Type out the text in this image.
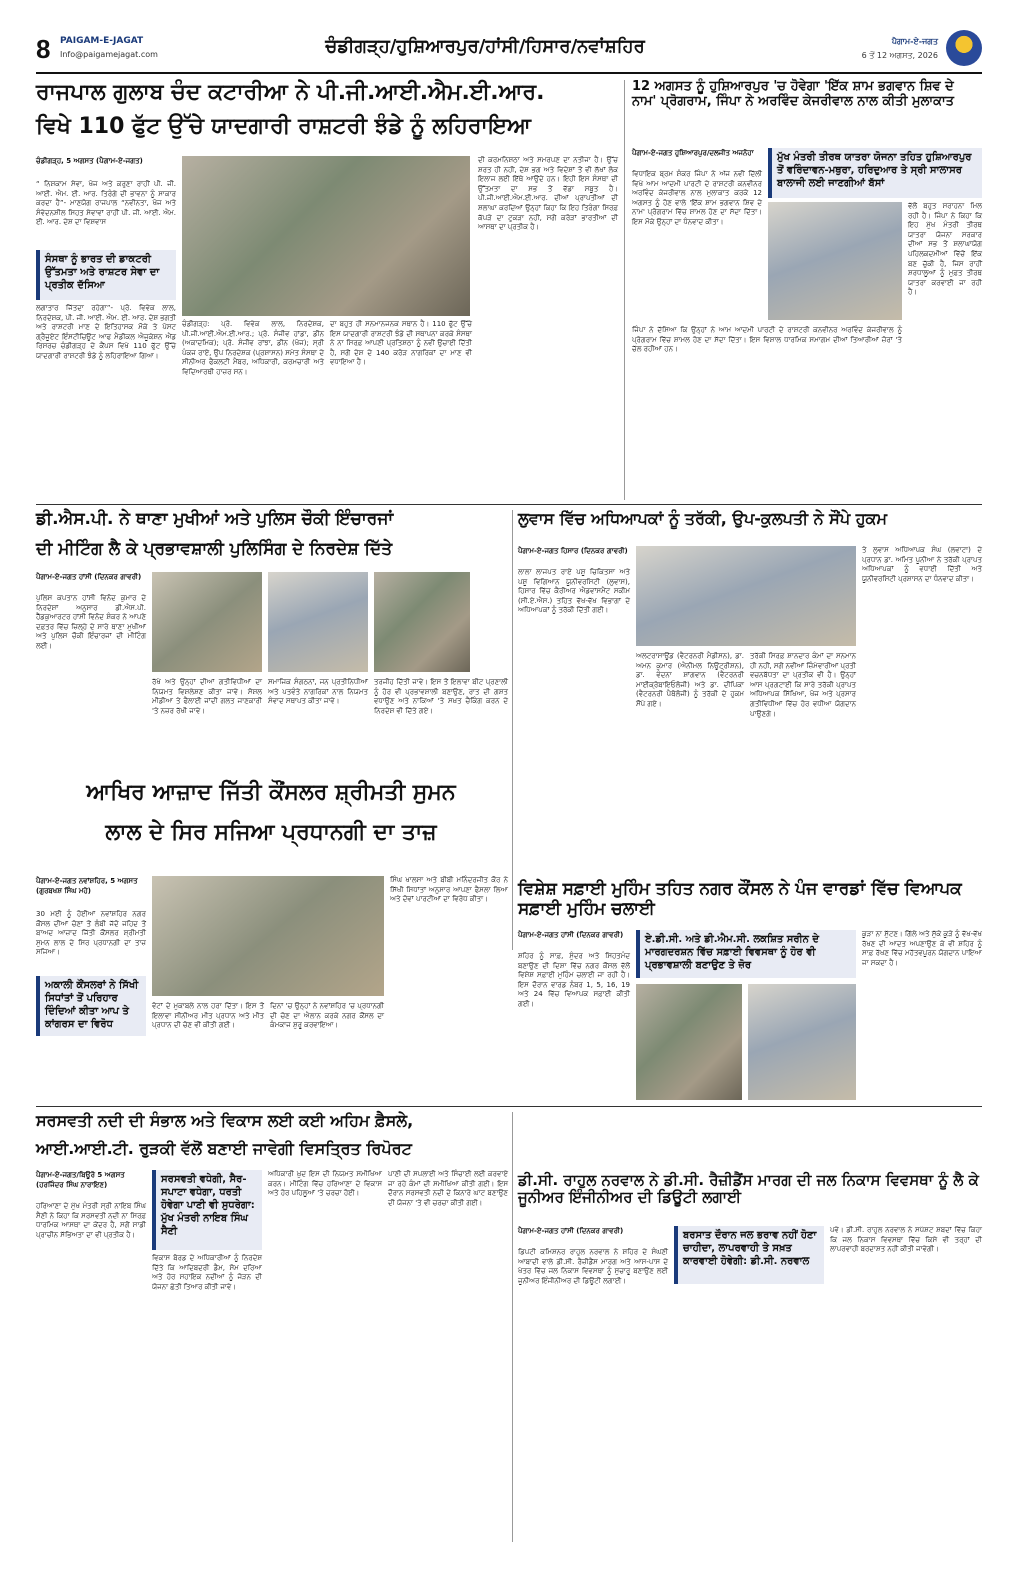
8	PAIGAM-E-JAGAT
Info@paigamejagat.com	ਚੰਡੀਗੜ੍ਹ/ਹੁਸ਼ਿਆਰਪੁਰ/ਹਾਂਸੀ/ਹਿਸਾਰ/ਨਵਾਂਸ਼ਹਿਰ	ਪੈਗਾਮ-ਏ-ਜਗਤ
6 ਤੋਂ 12 ਅਗਸਤ, 2026
ਰਾਜਪਾਲ ਗੁਲਾਬ ਚੰਦ ਕਟਾਰੀਆ ਨੇ ਪੀ.ਜੀ.ਆਈ.ਐਮ.ਈ.ਆਰ.
ਵਿਖੇ 110 ਫੁੱਟ ਉੱਚੇ ਯਾਦਗਾਰੀ ਰਾਸ਼ਟਰੀ ਝੰਡੇ ਨੂੰ ਲਹਿਰਾਇਆ
ਚੰਡੀਗੜ੍ਹ, 5 ਅਗਸਤ (ਪੈਗਾਮ-ਏ-ਜਗਤ)
“ ਨਿਸ਼ਕਾਮ ਸੇਵਾ, ਖੋਜ ਅਤੇ ਕਰੁਣਾ ਰਾਹੀਂ ਪੀ. ਜੀ. ਆਈ. ਐਮ. ਈ. ਆਰ. ਤਿਰੰਗੇ ਦੀ ਭਾਵਨਾ ਨੂੰ ਸਾਕਾਰ ਕਰਦਾ ਹੈ”- ਮਾਣਯੋਗ ਰਾਜਪਾਲ “ਨਵੀਨਤਾ, ਖੋਜ ਅਤੇ ਸੰਵੇਦਨਸ਼ੀਲ ਸਿਹਤ ਸੇਵਾਵਾਂ ਰਾਹੀਂ ਪੀ. ਜੀ. ਆਈ. ਐਮ. ਈ. ਆਰ. ਦੇਸ਼ ਦਾ ਵਿਸ਼ਵਾਸ
ਸੰਸਥਾ ਨੂੰ ਭਾਰਤ ਦੀ ਡਾਕਟਰੀ ਉੱਤਮਤਾ ਅਤੇ ਰਾਸ਼ਟਰ ਸੇਵਾ ਦਾ ਪ੍ਰਤੀਕ ਦੱਸਿਆ
ਲਗਾਤਾਰ ਜਿੱਤਦਾ ਰਹੇਗਾ”- ਪ੍ਰੋ. ਵਿਵੇਕ ਲਾਲ, ਨਿਰਦੇਸ਼ਕ, ਪੀ. ਜੀ. ਆਈ. ਐਮ. ਈ. ਆਰ. ਦੇਸ਼ ਭਗਤੀ ਅਤੇ ਰਾਸ਼ਟਰੀ ਮਾਣ ਦੇ ਇਤਿਹਾਸਕ ਮੌਕੇ ਤੇ ਪੋਸਟ ਗ੍ਰੈਜੂਏਟ ਇੰਸਟੀਚਿਊਟ ਆਫ ਮੈਡੀਕਲ ਐਜੂਕੇਸ਼ਨ ਐਂਡ ਰਿਸਰਚ ਚੰਡੀਗੜ੍ਹ ਦੇ ਕੈਂਪਸ ਵਿਖੇ 110 ਫੁੱਟ ਉੱਚੇ ਯਾਦਗਾਰੀ ਰਾਸ਼ਟਰੀ ਝੰਡੇ ਨੂੰ ਲਹਿਰਾਇਆ ਗਿਆ।
ਚੰਡੀਗੜ੍ਹ: ਪ੍ਰੋ. ਵਿਵੇਕ ਲਾਲ, ਨਿਰਦੇਸ਼ਕ, ਪੀ.ਜੀ.ਆਈ.ਐਮ.ਈ.ਆਰ.; ਪ੍ਰੋ. ਸੰਜੀਵ ਹਾਂਡਾ, ਡੀਨ (ਅਕਾਦਮਿਕ); ਪ੍ਰੋ. ਸੰਜੀਵ ਰਾਂਝਾ, ਡੀਨ (ਖੋਜ); ਸ੍ਰੀ ਪੰਕਜ ਰਾਏ, ਉਪ ਨਿਰਦੇਸ਼ਕ (ਪ੍ਰਸ਼ਾਸਨ) ਸਮੇਤ ਸੰਸਥਾ ਦੇ ਸੀਨੀਅਰ ਫੈਕਲਟੀ ਮੈਂਬਰ, ਅਧਿਕਾਰੀ, ਕਰਮਚਾਰੀ ਅਤੇ ਵਿਦਿਆਰਥੀ ਹਾਜ਼ਰ ਸਨ।
ਦਾ ਬਹੁਤ ਹੀ ਸਨਮਾਨਜਨਕ ਸਥਾਨ ਹੈ। 110 ਫੁੱਟ ਉੱਚੇ ਇਸ ਯਾਦਗਾਰੀ ਰਾਸ਼ਟਰੀ ਝੰਡੇ ਦੀ ਸਥਾਪਨਾ ਕਰਕੇ ਸੰਸਥਾ ਨੇ ਨਾ ਸਿਰਫ਼ ਆਪਣੀ ਪ੍ਰਤਿਸ਼ਠਾ ਨੂੰ ਨਵੀਂ ਉਚਾਈ ਦਿੱਤੀ ਹੈ, ਸਗੋਂ ਦੇਸ਼ ਦੇ 140 ਕਰੋੜ ਨਾਗਰਿਕਾਂ ਦਾ ਮਾਣ ਵੀ ਵਧਾਇਆ ਹੈ।
ਦੀ ਕਰਮਨਿਸ਼ਠਾ ਅਤੇ ਸਮਰਪਣ ਦਾ ਨਤੀਜਾ ਹੈ। ਉੱਚ ਸ਼ਰਤ ਹੀ ਨਹੀਂ, ਦੇਸ਼ ਭਗ ਅਤੇ ਵਿਦੇਸ਼ਾਂ ਤੋਂ ਵੀ ਲੱਖਾਂ ਲੋਕ ਇਲਾਜ ਲਈ ਇੱਥੇ ਆਉਂਦੇ ਹਨ। ਇਹੀ ਇਸ ਸੰਸਥਾ ਦੀ ਉੱਤਮਤਾ ਦਾ ਸਭ ਤੋਂ ਵੱਡਾ ਸਬੂਤ ਹੈ। ਪੀ.ਜੀ.ਆਈ.ਐਮ.ਈ.ਆਰ. ਦੀਆਂ ਪ੍ਰਾਪਤੀਆਂ ਦੀ ਸ਼ਲਾਘਾ ਕਰਦਿਆਂ ਉਨ੍ਹਾਂ ਕਿਹਾ ਕਿ ਇਹ ਤਿਰੰਗਾ ਸਿਰਫ਼ ਕੱਪੜੇ ਦਾ ਟੁਕੜਾ ਨਹੀਂ, ਸਗੋਂ ਕਰੋੜਾਂ ਭਾਰਤੀਆਂ ਦੀ ਆਸਥਾ ਦਾ ਪ੍ਰਤੀਕ ਹੈ।
12 ਅਗਸਤ ਨੂੰ ਹੁਸ਼ਿਆਰਪੁਰ 'ਚ ਹੋਵੇਗਾ 'ਇੱਕ ਸ਼ਾਮ ਭਗਵਾਨ ਸ਼ਿਵ ਦੇ ਨਾਮ' ਪ੍ਰੋਗਰਾਮ, ਜਿੰਪਾ ਨੇ ਅਰਵਿੰਦ ਕੇਜਰੀਵਾਲ ਨਾਲ ਕੀਤੀ ਮੁਲਾਕਾਤ
ਪੈਗਾਮ-ਏ-ਜਗਤ ਹੁਸ਼ਿਆਰਪੁਰ/ਦਲਜੀਤ ਅਜਨੋਹਾ
ਵਿਧਾਇਕ ਬ੍ਰਮ ਸ਼ੰਕਰ ਜਿੰਪਾ ਨੇ ਅੱਜ ਨਵੀਂ ਦਿੱਲੀ ਵਿਖੇ ਆਮ ਆਦਮੀ ਪਾਰਟੀ ਦੇ ਰਾਸ਼ਟਰੀ ਕਨਵੀਨਰ ਅਰਵਿੰਦ ਕੇਜਰੀਵਾਲ ਨਾਲ ਮੁਲਾਕਾਤ ਕਰਕੇ 12 ਅਗਸਤ ਨੂੰ ਹੋਣ ਵਾਲੇ 'ਇੱਕ ਸ਼ਾਮ ਭਗਵਾਨ ਸ਼ਿਵ ਦੇ ਨਾਮ' ਪ੍ਰੋਗਰਾਮ ਵਿੱਚ ਸ਼ਾਮਲ ਹੋਣ ਦਾ ਸੱਦਾ ਦਿੱਤਾ। ਇਸ ਮੌਕੇ ਉਨ੍ਹਾਂ ਦਾ ਧੰਨਵਾਦ ਕੀਤਾ।
ਮੁੱਖ ਮੰਤਰੀ ਤੀਰਥ ਯਾਤਰਾ ਯੋਜਨਾ ਤਹਿਤ ਹੁਸ਼ਿਆਰਪੁਰ ਤੋਂ ਵਰਿੰਦਾਵਨ-ਮਥੁਰਾ, ਹਰਿਦੁਆਰ ਤੇ ਸ੍ਰੀ ਸਾਲਾਸਰ ਬਾਲਾਜੀ ਲਈ ਜਾਣਗੀਆਂ ਬੱਸਾਂ
ਵੱਲੋਂ ਬਹੁਤ ਸਰਾਹਨਾ ਮਿਲ ਰਹੀ ਹੈ। ਜਿੰਪਾ ਨੇ ਕਿਹਾ ਕਿ ਇਹ ਮੁੱਖ ਮੰਤਰੀ ਤੀਰਥ ਯਾਤਰਾ ਯੋਜਨਾ ਸਰਕਾਰ ਦੀਆਂ ਸਭ ਤੋਂ ਸ਼ਲਾਘਾਯੋਗ ਪਹਿਲਕਦਮੀਆਂ ਵਿੱਚੋਂ ਇੱਕ ਬਣ ਚੁੱਕੀ ਹੈ, ਜਿਸ ਰਾਹੀਂ ਸ਼ਰਧਾਲੂਆਂ ਨੂੰ ਮੁਫ਼ਤ ਤੀਰਥ ਯਾਤਰਾ ਕਰਵਾਈ ਜਾ ਰਹੀ ਹੈ।
ਜਿੰਪਾ ਨੇ ਦੱਸਿਆ ਕਿ ਉਨ੍ਹਾਂ ਨੇ ਆਮ ਆਦਮੀ ਪਾਰਟੀ ਦੇ ਰਾਸ਼ਟਰੀ ਕਨਵੀਨਰ ਅਰਵਿੰਦ ਕੇਜਰੀਵਾਲ ਨੂੰ ਪ੍ਰੋਗਰਾਮ ਵਿੱਚ ਸ਼ਾਮਲ ਹੋਣ ਦਾ ਸੱਦਾ ਦਿੱਤਾ। ਇਸ ਵਿਸ਼ਾਲ ਧਾਰਮਿਕ ਸਮਾਗਮ ਦੀਆਂ ਤਿਆਰੀਆਂ ਜ਼ੋਰਾਂ 'ਤੇ ਚੱਲ ਰਹੀਆਂ ਹਨ।
ਡੀ.ਐਸ.ਪੀ. ਨੇ ਥਾਣਾ ਮੁਖੀਆਂ ਅਤੇ ਪੁਲਿਸ ਚੌਕੀ ਇੰਚਾਰਜਾਂ
ਦੀ ਮੀਟਿੰਗ ਲੈ ਕੇ ਪ੍ਰਭਾਵਸ਼ਾਲੀ ਪੁਲਿਸਿੰਗ ਦੇ ਨਿਰਦੇਸ਼ ਦਿੱਤੇ
ਪੈਗਾਮ-ਏ-ਜਗਤ ਹਾਂਸੀ (ਦਿਨਕਰ ਗਾਵਰੀ)
ਪੁਲਿਸ ਕਪਤਾਨ ਹਾਂਸੀ ਵਿਨੋਦ ਕੁਮਾਰ ਦੇ ਨਿਰਦੇਸ਼ਾਂ ਅਨੁਸਾਰ ਡੀ.ਐਸ.ਪੀ. ਹੈੱਡਕੁਆਰਟਰ ਹਾਂਸੀ ਵਿਨੋਦ ਸ਼ੰਕਰ ਨੇ ਆਪਣੇ ਦਫ਼ਤਰ ਵਿੱਚ ਜ਼ਿਲ੍ਹੇ ਦੇ ਸਾਰੇ ਥਾਣਾ ਮੁਖੀਆਂ ਅਤੇ ਪੁਲਿਸ ਚੌਕੀ ਇੰਚਾਰਜਾਂ ਦੀ ਮੀਟਿੰਗ ਲਈ।
ਰੱਖੇ ਅਤੇ ਉਨ੍ਹਾਂ ਦੀਆਂ ਗਤੀਵਿਧੀਆਂ ਦਾ ਨਿਯਮਤ ਵਿਸ਼ਲੇਸ਼ਣ ਕੀਤਾ ਜਾਵੇ। ਸੋਸ਼ਲ ਮੀਡੀਆ ਤੇ ਫੈਲਾਈ ਜਾਂਦੀ ਗਲਤ ਜਾਣਕਾਰੀ 'ਤੇ ਨਜ਼ਰ ਰੱਖੀ ਜਾਵੇ।
ਸਮਾਜਿਕ ਸੰਗਠਨਾਂ, ਜਨ ਪ੍ਰਤੀਨਿਧੀਆਂ ਅਤੇ ਪਤਵੰਤੇ ਨਾਗਰਿਕਾਂ ਨਾਲ ਨਿਯਮਤ ਸੰਵਾਦ ਸਥਾਪਤ ਕੀਤਾ ਜਾਵੇ।
ਤਰਜੀਹ ਦਿੱਤੀ ਜਾਵੇ। ਇਸ ਤੋਂ ਇਲਾਵਾ ਬੀਟ ਪ੍ਰਣਾਲੀ ਨੂੰ ਹੋਰ ਵੀ ਪ੍ਰਭਾਵਸ਼ਾਲੀ ਬਣਾਉਣ, ਰਾਤ ਦੀ ਗਸ਼ਤ ਵਧਾਉਣ ਅਤੇ ਨਾਕਿਆਂ 'ਤੇ ਸਖ਼ਤ ਚੈਕਿੰਗ ਕਰਨ ਦੇ ਨਿਰਦੇਸ਼ ਵੀ ਦਿੱਤੇ ਗਏ।
ਲੁਵਾਸ ਵਿੱਚ ਅਧਿਆਪਕਾਂ ਨੂੰ ਤਰੱਕੀ, ਉਪ-ਕੁਲਪਤੀ ਨੇ ਸੌਂਪੇ ਹੁਕਮ
ਪੈਗਾਮ-ਏ-ਜਗਤ ਹਿਸਾਰ (ਦਿਨਕਰ ਗਾਵਰੀ)
ਲਾਲਾ ਲਾਜਪਤ ਰਾਏ ਪਸ਼ੂ ਚਿਕਿਤਸਾ ਅਤੇ ਪਸ਼ੂ ਵਿਗਿਆਨ ਯੂਨੀਵਰਸਿਟੀ (ਲੁਵਾਸ), ਹਿਸਾਰ ਵਿੱਚ ਕੈਰੀਅਰ ਐਡਵਾਂਸਮੈਂਟ ਸਕੀਮ (ਸੀ.ਏ.ਐਸ.) ਤਹਿਤ ਵੱਖ-ਵੱਖ ਵਿਭਾਗਾਂ ਦੇ ਅਧਿਆਪਕਾਂ ਨੂੰ ਤਰੱਕੀ ਦਿੱਤੀ ਗਈ।
ਅਲਟਰਾਸਾਊਂਡ (ਵੈਟਰਨਰੀ ਮੈਡੀਸਨ), ਡਾ. ਅਮਨ ਕੁਮਾਰ (ਐਨੀਮਲ ਨਿਊਟ੍ਰੀਸ਼ਨ), ਡਾ. ਵੰਦਨਾ ਸ਼ਾਂਗਵਾਨ (ਵੈਟਰਨਰੀ ਮਾਈਕ੍ਰੋਬਾਇਓਲੋਜੀ) ਅਤੇ ਡਾ. ਦੀਪਿਕਾ (ਵੈਟਰਨਰੀ ਪੈਥੋਲੋਜੀ) ਨੂੰ ਤਰੱਕੀ ਦੇ ਹੁਕਮ ਸੌਂਪੇ ਗਏ।
ਤਰੱਕੀ ਸਿਰਫ਼ ਸ਼ਾਨਦਾਰ ਕੰਮਾਂ ਦਾ ਸਨਮਾਨ ਹੀ ਨਹੀਂ, ਸਗੋਂ ਨਵੀਆਂ ਜ਼ਿੰਮੇਵਾਰੀਆਂ ਪ੍ਰਤੀ ਵਚਨਬੱਧਤਾ ਦਾ ਪ੍ਰਤੀਕ ਵੀ ਹੈ। ਉਨ੍ਹਾਂ ਆਸ ਪ੍ਰਗਟਾਈ ਕਿ ਸਾਰੇ ਤਰੱਕੀ ਪ੍ਰਾਪਤ ਅਧਿਆਪਕ ਸਿੱਖਿਆ, ਖੋਜ ਅਤੇ ਪ੍ਰਸਾਰ ਗਤੀਵਿਧੀਆਂ ਵਿੱਚ ਹੋਰ ਵਧੀਆ ਯੋਗਦਾਨ ਪਾਉਣਗੇ।
ਤੇ ਲੁਵਾਸ ਅਧਿਆਪਕ ਸੰਘ (ਲਵਾਟਾ) ਦੇ ਪ੍ਰਧਾਨ ਡਾ. ਅਮਿਤ ਪੂਨੀਆ ਨੇ ਤਰੱਕੀ ਪ੍ਰਾਪਤ ਅਧਿਆਪਕਾਂ ਨੂੰ ਵਧਾਈ ਦਿੱਤੀ ਅਤੇ ਯੂਨੀਵਰਸਿਟੀ ਪ੍ਰਸ਼ਾਸਨ ਦਾ ਧੰਨਵਾਦ ਕੀਤਾ।
ਆਖਿਰ ਆਜ਼ਾਦ ਜਿੱਤੀ ਕੌਂਸਲਰ ਸ਼੍ਰੀਮਤੀ ਸੁਮਨ
ਲਾਲ ਦੇ ਸਿਰ ਸਜਿਆ ਪ੍ਰਧਾਨਗੀ ਦਾ ਤਾਜ਼
ਪੈਗਾਮ-ਏ-ਜਗਤ ਨਵਾਂਸ਼ਹਿਰ, 5 ਅਗਸਤ (ਗੁਰਬਖਸ਼ ਸਿੰਘ ਮਹੇ)
30 ਮਈ ਨੂੰ ਹੋਈਆਂ ਨਵਾਂਸ਼ਹਿਰ ਨਗਰ ਕੌਂਸਲ ਦੀਆਂ ਚੋਣਾਂ ਤੋਂ ਲੰਬੀ ਜੱਦੋ ਜਹਿਦ ਤੋਂ ਬਾਅਦ ਆਜ਼ਾਦ ਜਿੱਤੀ ਕੌਂਸਲਰ ਸ਼੍ਰੀਮਤੀ ਸੁਮਨ ਲਾਲ ਦੇ ਸਿਰ ਪ੍ਰਧਾਨਗੀ ਦਾ ਤਾਜ਼ ਸਜਿਆ।
ਅਕਾਲੀ ਕੌਂਸਲਰਾਂ ਨੇ ਸਿੱਖੀ ਸਿਧਾਂਤਾਂ ਤੋਂ ਪਰਿਹਾਰ ਦਿੰਦਿਆਂ ਕੀਤਾ ਆਪ ਤੇ ਕਾਂਗਰਸ ਦਾ ਵਿਰੋਧ
ਵੋਟਾਂ ਦੇ ਮੁਕਾਬਲੇ ਨਾਲ ਹਰਾ ਦਿੱਤਾ। ਇਸ ਤੋਂ ਇਲਾਵਾ ਸੀਨੀਅਰ ਮੀਤ ਪ੍ਰਧਾਨ ਅਤੇ ਮੀਤ ਪ੍ਰਧਾਨ ਦੀ ਚੋਣ ਵੀ ਕੀਤੀ ਗਈ।
ਦਿਨਾਂ 'ਚ ਉਨ੍ਹਾਂ ਨੇ ਨਵਾਂਸ਼ਹਿਰ 'ਚ ਪ੍ਰਧਾਨਗੀ ਦੀ ਚੋਣ ਦਾ ਐਲਾਨ ਕਰਕੇ ਨਗਰ ਕੌਂਸਲ ਦਾ ਕੰਮਕਾਜ ਸ਼ੁਰੂ ਕਰਵਾਇਆ।
ਸਿੰਘ ਖਾਲਸਾ ਅਤੇ ਬੀਬੀ ਮਨਿੰਦਰਜੀਤ ਕੌਰ ਨੇ ਸਿੱਖੀ ਸਿਧਾਂਤਾਂ ਅਨੁਸਾਰ ਆਪਣਾ ਫੈਸਲਾ ਲਿਆ ਅਤੇ ਦੋਵਾਂ ਪਾਰਟੀਆਂ ਦਾ ਵਿਰੋਧ ਕੀਤਾ।
ਵਿਸ਼ੇਸ਼ ਸਫ਼ਾਈ ਮੁਹਿੰਮ ਤਹਿਤ ਨਗਰ ਕੌਂਸਲ ਨੇ ਪੰਜ ਵਾਰਡਾਂ ਵਿੱਚ ਵਿਆਪਕ ਸਫ਼ਾਈ ਮੁਹਿੰਮ ਚਲਾਈ
ਪੈਗਾਮ-ਏ-ਜਗਤ ਹਾਂਸੀ (ਦਿਨਕਰ ਗਾਵਰੀ)
ਸ਼ਹਿਰ ਨੂੰ ਸਾਫ਼, ਸੁੰਦਰ ਅਤੇ ਸਿਹਤਮੰਦ ਬਣਾਉਣ ਦੀ ਦਿਸ਼ਾ ਵਿੱਚ ਨਗਰ ਕੌਂਸਲ ਵੱਲੋਂ ਵਿਸ਼ੇਸ਼ ਸਫ਼ਾਈ ਮੁਹਿੰਮ ਚਲਾਈ ਜਾ ਰਹੀ ਹੈ। ਇਸ ਦੌਰਾਨ ਵਾਰਡ ਨੰਬਰ 1, 5, 16, 19 ਅਤੇ 24 ਵਿੱਚ ਵਿਆਪਕ ਸਫ਼ਾਈ ਕੀਤੀ ਗਈ।
ਏ.ਡੀ.ਸੀ. ਅਤੇ ਡੀ.ਐਮ.ਸੀ. ਲਕਸ਼ਿਤ ਸਰੀਨ ਦੇ ਮਾਰਗਦਰਸ਼ਨ ਵਿੱਚ ਸਫ਼ਾਈ ਵਿਵਸਥਾ ਨੂੰ ਹੋਰ ਵੀ ਪ੍ਰਭਾਵਸ਼ਾਲੀ ਬਣਾਉਣ ਤੇ ਜ਼ੋਰ
ਕੂੜਾ ਨਾ ਸੁੱਟਣ। ਗਿੱਲੇ ਅਤੇ ਸੁੱਕੇ ਕੂੜੇ ਨੂੰ ਵੱਖ-ਵੱਖ ਰੱਖਣ ਦੀ ਆਦਤ ਅਪਣਾਉਣ ਕੇ ਵੀ ਸ਼ਹਿਰ ਨੂੰ ਸਾਫ਼ ਰੱਖਣ ਵਿੱਚ ਮਹੱਤਵਪੂਰਨ ਯੋਗਦਾਨ ਪਾਇਆ ਜਾ ਸਕਦਾ ਹੈ।
ਸਰਸਵਤੀ ਨਦੀ ਦੀ ਸੰਭਾਲ ਅਤੇ ਵਿਕਾਸ ਲਈ ਕਈ ਅਹਿਮ ਫ਼ੈਸਲੇ,
ਆਈ.ਆਈ.ਟੀ. ਰੁੜਕੀ ਵੱਲੋਂ ਬਣਾਈ ਜਾਵੇਗੀ ਵਿਸਤ੍ਰਿਤ ਰਿਪੋਰਟ
ਪੈਗਾਮ-ਏ-ਜਗਤ/ਬਿਊਰੋ 5 ਅਗਸਤ (ਹਰਜਿੰਦਰ ਸਿੰਘ ਨਾਰਾਇਣ)
ਹਰਿਆਣਾ ਦੇ ਮੁੱਖ ਮੰਤਰੀ ਸ੍ਰੀ ਨਾਇਬ ਸਿੰਘ ਸੈਣੀ ਨੇ ਕਿਹਾ ਕਿ ਸਰਸਵਤੀ ਨਦੀ ਨਾ ਸਿਰਫ਼ ਧਾਰਮਿਕ ਆਸਥਾ ਦਾ ਕੇਂਦਰ ਹੈ, ਸਗੋਂ ਸਾਡੀ ਪ੍ਰਾਚੀਨ ਸੱਭਿਅਤਾ ਦਾ ਵੀ ਪ੍ਰਤੀਕ ਹੈ।
ਸਰਸਵਤੀ ਵਧੇਗੀ, ਸੈਰ-ਸਪਾਟਾ ਵਧੇਗਾ, ਧਰਤੀ ਹੋਵੇਗਾ ਪਾਣੀ ਵੀ ਸੁਧਰੇਗਾ: ਮੁੱਖ ਮੰਤਰੀ ਨਾਇਬ ਸਿੰਘ ਸੈਣੀ
ਵਿਕਾਸ ਬੋਰਡ ਦੇ ਅਧਿਕਾਰੀਆਂ ਨੂੰ ਨਿਰਦੇਸ਼ ਦਿੱਤੇ ਕਿ ਆਦਿਬਦਰੀ ਡੈਮ, ਸੋਮ ਦਰਿਆ ਅਤੇ ਹੋਰ ਸਹਾਇਕ ਨਦੀਆਂ ਨੂੰ ਜੋੜਨ ਦੀ ਯੋਜਨਾ ਛੇਤੀ ਤਿਆਰ ਕੀਤੀ ਜਾਵੇ।
ਅਧਿਕਾਰੀ ਖ਼ੁਦ ਇਸ ਦੀ ਨਿਯਮਤ ਸਮੀਖਿਆ ਕਰਨ। ਮੀਟਿੰਗ ਵਿੱਚ ਹਰਿਆਣਾ ਦੇ ਵਿਕਾਸ ਅਤੇ ਹੋਰ ਪਹਿਲੂਆਂ 'ਤੇ ਚਰਚਾ ਹੋਈ।
ਪਾਣੀ ਦੀ ਸਪਲਾਈ ਅਤੇ ਸਿੰਚਾਈ ਲਈ ਕਰਵਾਏ ਜਾ ਰਹੇ ਕੰਮਾਂ ਦੀ ਸਮੀਖਿਆ ਕੀਤੀ ਗਈ। ਇਸ ਦੌਰਾਨ ਸਰਸਵਤੀ ਨਦੀ ਦੇ ਕਿਨਾਰੇ ਘਾਟ ਬਣਾਉਣ ਦੀ ਯੋਜਨਾ 'ਤੇ ਵੀ ਚਰਚਾ ਕੀਤੀ ਗਈ।
ਡੀ.ਸੀ. ਰਾਹੁਲ ਨਰਵਾਲ ਨੇ ਡੀ.ਸੀ. ਰੈਜ਼ੀਡੈਂਸ ਮਾਰਗ ਦੀ ਜਲ ਨਿਕਾਸ ਵਿਵਸਥਾ ਨੂੰ ਲੈ ਕੇ ਜੂਨੀਅਰ ਇੰਜੀਨੀਅਰ ਦੀ ਡਿਊਟੀ ਲਗਾਈ
ਪੈਗਾਮ-ਏ-ਜਗਤ ਹਾਂਸੀ (ਦਿਨਕਰ ਗਾਵਰੀ)
ਡਿਪਟੀ ਕਮਿਸ਼ਨਰ ਰਾਹੁਲ ਨਰਵਾਲ ਨੇ ਸ਼ਹਿਰ ਦੇ ਸੰਘਣੀ ਆਬਾਦੀ ਵਾਲੇ ਡੀ.ਸੀ. ਰੈਜ਼ੀਡੈਂਸ ਮਾਰਗ ਅਤੇ ਆਸ-ਪਾਸ ਦੇ ਖੇਤਰ ਵਿੱਚ ਜਲ ਨਿਕਾਸ ਵਿਵਸਥਾ ਨੂੰ ਸੁਚਾਰੂ ਬਣਾਉਣ ਲਈ ਜੂਨੀਅਰ ਇੰਜੀਨੀਅਰ ਦੀ ਡਿਊਟੀ ਲਗਾਈ।
ਬਰਸਾਤ ਦੌਰਾਨ ਜਲ ਭਰਾਵ ਨਹੀਂ ਹੋਣਾ ਚਾਹੀਦਾ, ਲਾਪਰਵਾਹੀ ਤੇ ਸਖ਼ਤ ਕਾਰਵਾਈ ਹੋਵੇਗੀ: ਡੀ.ਸੀ. ਨਰਵਾਲ
ਪਵੇ। ਡੀ.ਸੀ. ਰਾਹੁਲ ਨਰਵਾਲ ਨੇ ਸਪੱਸ਼ਟ ਸ਼ਬਦਾਂ ਵਿੱਚ ਕਿਹਾ ਕਿ ਜਲ ਨਿਕਾਸ ਵਿਵਸਥਾ ਵਿੱਚ ਕਿਸੇ ਵੀ ਤਰ੍ਹਾਂ ਦੀ ਲਾਪਰਵਾਹੀ ਬਰਦਾਸ਼ਤ ਨਹੀਂ ਕੀਤੀ ਜਾਵੇਗੀ।
